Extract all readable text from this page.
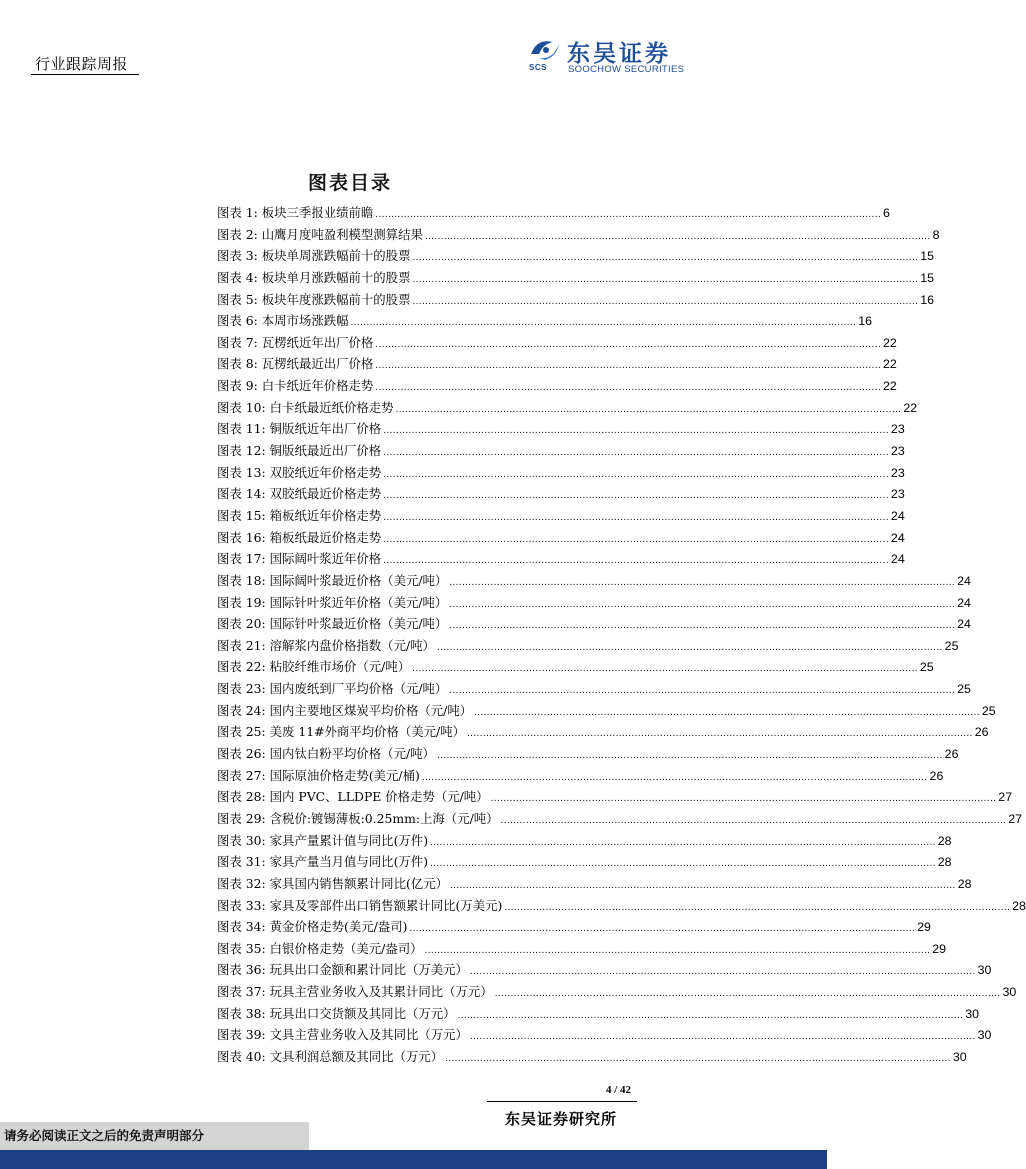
行业跟踪周报	SCS
东吴证券
SOOCHOW SECURITIES
图表目录
图表 1: 板块三季报业绩前瞻 ................................................................................................................................................................ 6
图表 2: 山鹰月度吨盈利模型测算结果 ................................................................................................................................................................ 8
图表 3: 板块单周涨跌幅前十的股票 ................................................................................................................................................................ 15
图表 4: 板块单月涨跌幅前十的股票 ................................................................................................................................................................ 15
图表 5: 板块年度涨跌幅前十的股票 ................................................................................................................................................................ 16
图表 6: 本周市场涨跌幅 ................................................................................................................................................................ 16
图表 7: 瓦楞纸近年出厂价格 ................................................................................................................................................................ 22
图表 8: 瓦楞纸最近出厂价格 ................................................................................................................................................................ 22
图表 9: 白卡纸近年价格走势 ................................................................................................................................................................ 22
图表 10: 白卡纸最近纸价格走势 ................................................................................................................................................................ 22
图表 11: 铜版纸近年出厂价格 ................................................................................................................................................................ 23
图表 12: 铜版纸最近出厂价格 ................................................................................................................................................................ 23
图表 13: 双胶纸近年价格走势 ................................................................................................................................................................ 23
图表 14: 双胶纸最近价格走势 ................................................................................................................................................................ 23
图表 15: 箱板纸近年价格走势 ................................................................................................................................................................ 24
图表 16: 箱板纸最近价格走势 ................................................................................................................................................................ 24
图表 17: 国际阔叶浆近年价格 ................................................................................................................................................................ 24
图表 18: 国际阔叶浆最近价格（美元/吨） ................................................................................................................................................................ 24
图表 19: 国际针叶浆近年价格（美元/吨） ................................................................................................................................................................ 24
图表 20: 国际针叶浆最近价格（美元/吨） ................................................................................................................................................................ 24
图表 21: 溶解浆内盘价格指数（元/吨） ................................................................................................................................................................ 25
图表 22: 粘胶纤维市场价（元/吨） ................................................................................................................................................................ 25
图表 23: 国内废纸到厂平均价格（元/吨） ................................................................................................................................................................ 25
图表 24: 国内主要地区煤炭平均价格（元/吨） ................................................................................................................................................................ 25
图表 25: 美废 11#外商平均价格（美元/吨） ................................................................................................................................................................ 26
图表 26: 国内钛白粉平均价格（元/吨） ................................................................................................................................................................ 26
图表 27: 国际原油价格走势(美元/桶) ................................................................................................................................................................ 26
图表 28: 国内 PVC、LLDPE 价格走势（元/吨） ................................................................................................................................................................ 27
图表 29: 含税价:镀锡薄板:0.25mm:上海（元/吨） ................................................................................................................................................................ 27
图表 30: 家具产量累计值与同比(万件) ................................................................................................................................................................ 28
图表 31: 家具产量当月值与同比(万件) ................................................................................................................................................................ 28
图表 32: 家具国内销售额累计同比(亿元） ................................................................................................................................................................ 28
图表 33: 家具及零部件出口销售额累计同比(万美元) ................................................................................................................................................................ 28
图表 34: 黄金价格走势(美元/盎司) ................................................................................................................................................................ 29
图表 35: 白银价格走势（美元/盎司） ................................................................................................................................................................ 29
图表 36: 玩具出口金额和累计同比（万美元） ................................................................................................................................................................ 30
图表 37: 玩具主营业务收入及其累计同比（万元） ................................................................................................................................................................ 30
图表 38: 玩具出口交货额及其同比（万元） ................................................................................................................................................................ 30
图表 39: 文具主营业务收入及其同比（万元） ................................................................................................................................................................ 30
图表 40: 文具利润总额及其同比（万元） ................................................................................................................................................................ 30
4 / 42
东吴证券研究所
请务必阅读正文之后的免责声明部分
